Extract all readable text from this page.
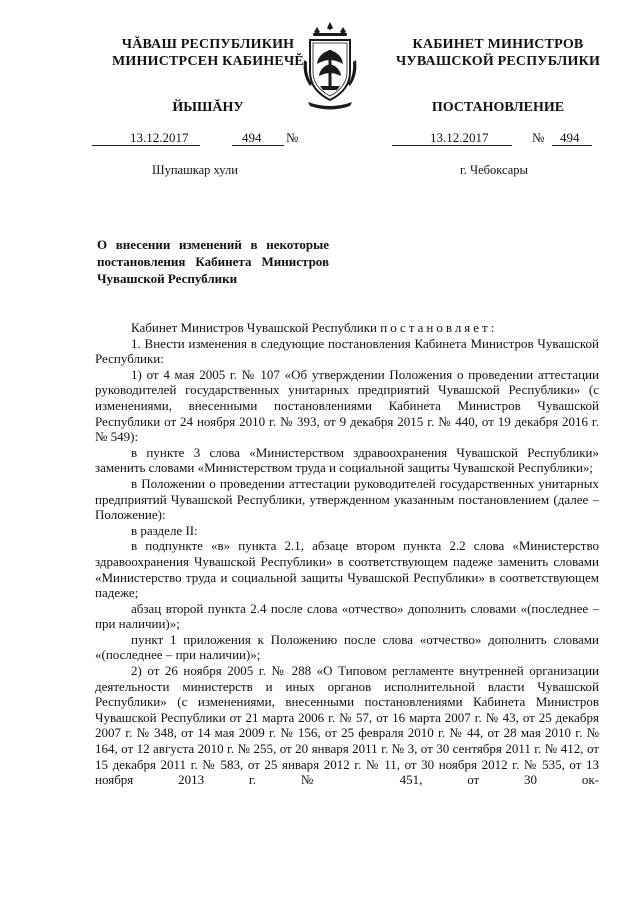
ЧĂВАШ РЕСПУБЛИКИН
МИНИСТРСЕН КАБИНЕЧĔ
ЙЫШĂНУ
КАБИНЕТ МИНИСТРОВ
ЧУВАШСКОЙ РЕСПУБЛИКИ
ПОСТАНОВЛЕНИЕ
13.12.2017	494 №	13.12.2017	№ 494
Шупашкар хули	г. Чебоксары
О внесении изменений в некоторые постановления Кабинета Министров Чувашской Республики

Кабинет Министров Чувашской Республики постановляет:

1. Внести изменения в следующие постановления Кабинета Министров Чувашской Республики:

1) от 4 мая 2005 г. № 107 «Об утверждении Положения о проведении аттестации руководителей государственных унитарных предприятий Чувашской Республики» (с изменениями, внесенными постановлениями Кабинета Министров Чувашской Республики от 24 ноября 2010 г. № 393, от 9 декабря 2015 г. № 440, от 19 декабря 2016 г. № 549):

в пункте 3 слова «Министерством здравоохранения Чувашской Республики» заменить словами «Министерством труда и социальной защиты Чувашской Республики»;

в Положении о проведении аттестации руководителей государственных унитарных предприятий Чувашской Республики, утвержденном указанным постановлением (далее – Положение):

в разделе II:

в подпункте «в» пункта 2.1, абзаце втором пункта 2.2 слова «Министерство здравоохранения Чувашской Республики» в соответствующем падеже заменить словами «Министерство труда и социальной защиты Чувашской Республики» в соответствующем падеже;

абзац второй пункта 2.4 после слова «отчество» дополнить словами «(последнее – при наличии)»;

пункт 1 приложения к Положению после слова «отчество» дополнить словами «(последнее – при наличии)»;

2) от 26 ноября 2005 г. № 288 «О Типовом регламенте внутренней организации деятельности министерств и иных органов исполнительной власти Чувашской Республики» (с изменениями, внесенными постановлениями Кабинета Министров Чувашской Республики от 21 марта 2006 г. № 57, от 16 марта 2007 г. № 43, от 25 декабря 2007 г. № 348, от 14 мая 2009 г. № 156, от 25 февраля 2010 г. № 44, от 28 мая 2010 г. № 164, от 12 августа 2010 г. № 255, от 20 января 2011 г. № 3, от 30 сентября 2011 г. № 412, от 15 декабря 2011 г. № 583, от 25 января 2012 г. № 11, от 30 ноября 2012 г. № 535, от 13 ноября 2013 г. № 451, от 30 ок-
